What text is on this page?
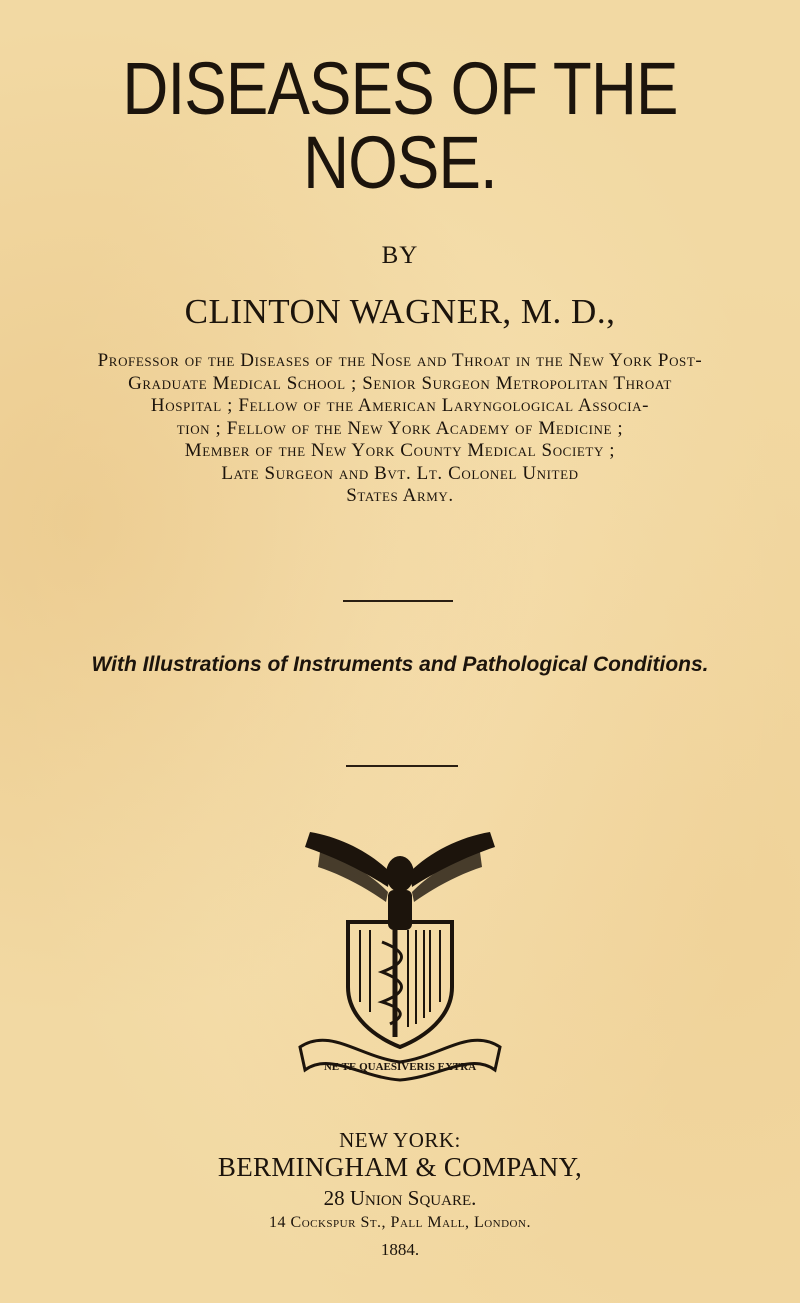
DISEASES OF THE NOSE.
BY
CLINTON WAGNER, M. D.,
Professor of the Diseases of the Nose and Throat in the New York Post-
Graduate Medical School ; Senior Surgeon Metropolitan Throat
Hospital ; Fellow of the American Laryngological Associa-
tion ; Fellow of the New York Academy of Medicine ;
Member of the New York County Medical Society ;
Late Surgeon and Bvt. Lt. Colonel United
States Army.
With Illustrations of Instruments and Pathological Conditions.
NE TE QUAESIVERIS EXTRA
NEW YORK:
BERMINGHAM & COMPANY,
28 Union Square.
14 Cockspur St., Pall Mall, London.
1884.
